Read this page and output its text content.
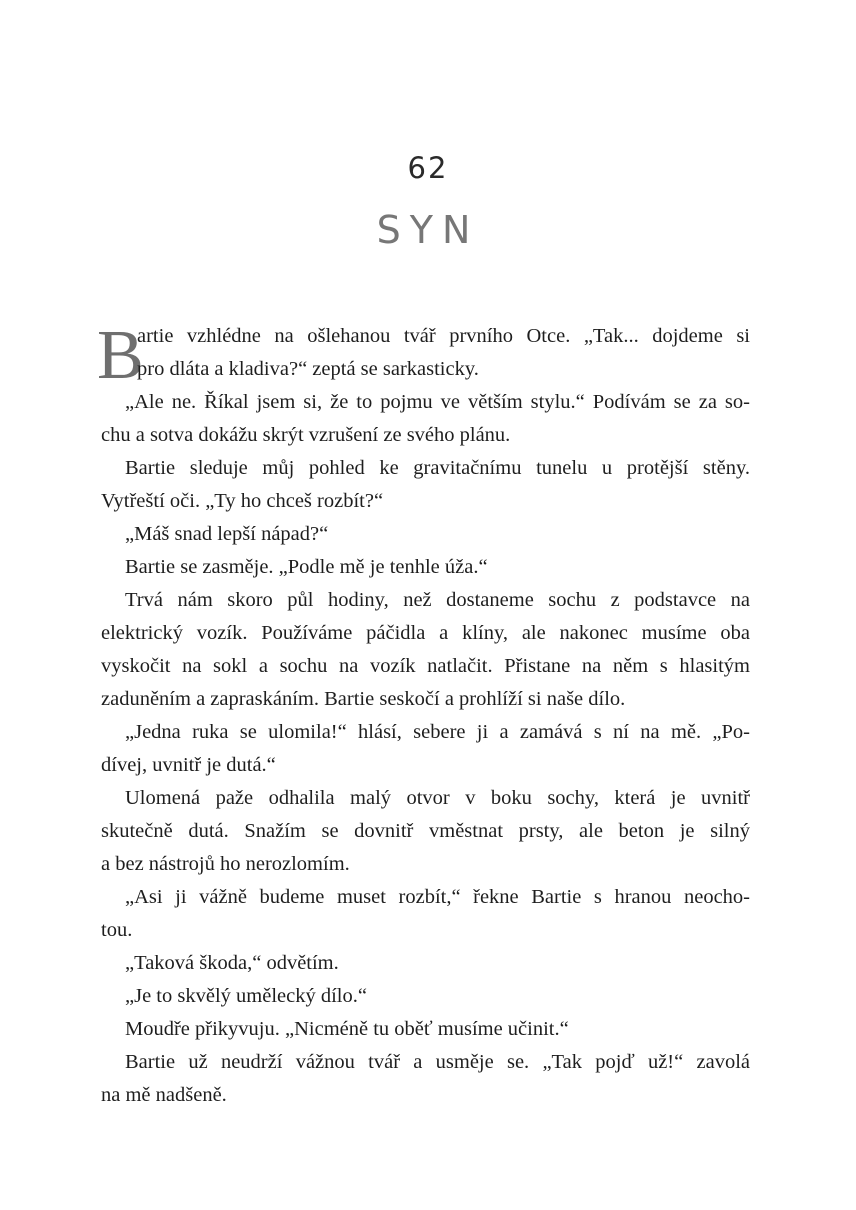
62
SYN
B
artie vzhlédne na ošlehanou tvář prvního Otce. „Tak... dojdeme si
pro dláta a kladiva?“ zeptá se sarkasticky.
„Ale ne. Říkal jsem si, že to pojmu ve větším stylu.“ Podívám se za so-
chu a sotva dokážu skrýt vzrušení ze svého plánu.
Bartie sleduje můj pohled ke gravitačnímu tunelu u protější stěny.
Vytřeští oči. „Ty ho chceš rozbít?“
„Máš snad lepší nápad?“
Bartie se zasměje. „Podle mě je tenhle úža.“
Trvá nám skoro půl hodiny, než dostaneme sochu z podstavce na
elektrický vozík. Používáme páčidla a klíny, ale nakonec musíme oba
vyskočit na sokl a sochu na vozík natlačit. Přistane na něm s hlasitým
zaduněním a zapraskáním. Bartie seskočí a prohlíží si naše dílo.
„Jedna ruka se ulomila!“ hlásí, sebere ji a zamává s ní na mě. „Po-
dívej, uvnitř je dutá.“
Ulomená paže odhalila malý otvor v boku sochy, která je uvnitř
skutečně dutá. Snažím se dovnitř vměstnat prsty, ale beton je silný
a bez nástrojů ho nerozlomím.
„Asi ji vážně budeme muset rozbít,“ řekne Bartie s hranou neocho-
tou.
„Taková škoda,“ odvětím.
„Je to skvělý umělecký dílo.“
Moudře přikyvuju. „Nicméně tu oběť musíme učinit.“
Bartie už neudrží vážnou tvář a usměje se. „Tak pojď už!“ zavolá
na mě nadšeně.
